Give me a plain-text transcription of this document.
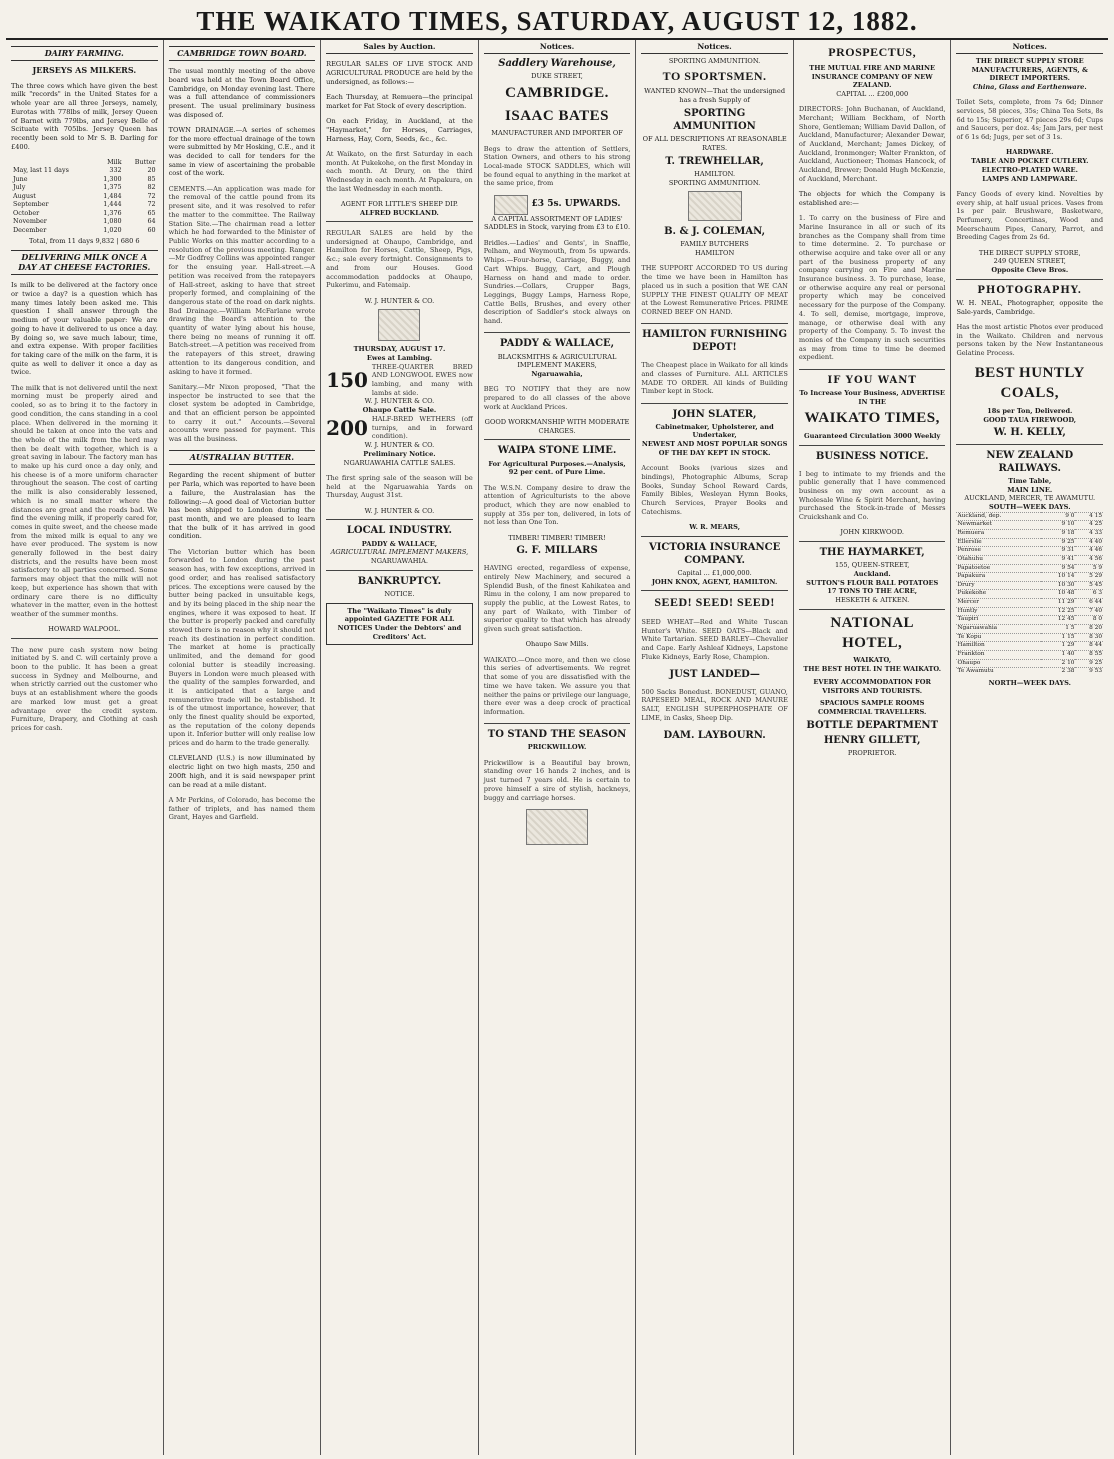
THE WAIKATO TIMES, SATURDAY, AUGUST 12, 1882.
DAIRY FARMING.
JERSEYS AS MILKERS.

The three cows which have given the best milk "records" in the United States for a whole year are all three Jerseys, namely, Eurotas with 778lbs of milk, Jersey Queen of Barnet with 779lbs, and Jersey Belle of Scituate with 705lbs. Jersey Queen has recently been sold to Mr S. B. Darling for £400.

	Milk	Butter
May, last 11 days	332	20
June	1,300	85
July	1,375	82
August	1,484	72
September	1,444	72
October	1,376	65
November	1,080	64
December	1,020	60
Total, from 11 days 9,832 | 680 6
DELIVERING MILK ONCE A DAY AT CHEESE FACTORIES.

Is milk to be delivered at the factory once or twice a day? is a question which has many times lately been asked me. This question I shall answer through the medium of your valuable paper: We are going to have it delivered to us once a day. By doing so, we save much labour, time, and extra expense. With proper facilities for taking care of the milk on the farm, it is quite as well to deliver it once a day as twice.

The milk that is not delivered until the next morning must be properly aired and cooled, so as to bring it to the factory in good condition, the cans standing in a cool place. When delivered in the morning it should be taken at once into the vats and the whole of the milk from the herd may then be dealt with together, which is a great saving in labour. The factory man has to make up his curd once a day only, and his cheese is of a more uniform character throughout the season. The cost of carting the milk is also considerably lessened, which is no small matter where the distances are great and the roads bad. We find the evening milk, if properly cared for, comes in quite sweet, and the cheese made from the mixed milk is equal to any we have ever produced. The system is now generally followed in the best dairy districts, and the results have been most satisfactory to all parties concerned. Some farmers may object that the milk will not keep, but experience has shown that with ordinary care there is no difficulty whatever in the matter, even in the hottest weather of the summer months.

HOWARD WALPOOL.

The new pure cash system now being initiated by S. and C. will certainly prove a boon to the public. It has been a great success in Sydney and Melbourne, and when strictly carried out the customer who buys at an establishment where the goods are marked low must get a great advantage over the credit system. Furniture, Drapery, and Clothing at cash prices for cash.

CAMBRIDGE TOWN BOARD.

The usual monthly meeting of the above board was held at the Town Board Office, Cambridge, on Monday evening last. There was a full attendance of commissioners present. The usual preliminary business was disposed of.

TOWN DRAINAGE.—A series of schemes for the more effectual drainage of the town were submitted by Mr Hosking, C.E., and it was decided to call for tenders for the same in view of ascertaining the probable cost of the work.

CEMENTS.—An application was made for the removal of the cattle pound from its present site, and it was resolved to refer the matter to the committee. The Railway Station Site.—The chairman read a letter which he had forwarded to the Minister of Public Works on this matter according to a resolution of the previous meeting. Ranger.—Mr Godfrey Collins was appointed ranger for the ensuing year. Hall-street.—A petition was received from the ratepayers of Hall-street, asking to have that street properly formed, and complaining of the dangerous state of the road on dark nights. Bad Drainage.—William McFarlane wrote drawing the Board's attention to the quantity of water lying about his house, there being no means of running it off. Batch-street.—A petition was received from the ratepayers of this street, drawing attention to its dangerous condition, and asking to have it formed.

Sanitary.—Mr Nixon proposed, "That the inspector be instructed to see that the closet system be adopted in Cambridge, and that an efficient person be appointed to carry it out." Accounts.—Several accounts were passed for payment. This was all the business.

AUSTRALIAN BUTTER.

Regarding the recent shipment of butter per Parla, which was reported to have been a failure, the Australasian has the following:—A good deal of Victorian butter has been shipped to London during the past month, and we are pleased to learn that the bulk of it has arrived in good condition.

The Victorian butter which has been forwarded to London during the past season has, with few exceptions, arrived in good order, and has realised satisfactory prices. The exceptions were caused by the butter being packed in unsuitable kegs, and by its being placed in the ship near the engines, where it was exposed to heat. If the butter is properly packed and carefully stowed there is no reason why it should not reach its destination in perfect condition. The market at home is practically unlimited, and the demand for good colonial butter is steadily increasing. Buyers in London were much pleased with the quality of the samples forwarded, and it is anticipated that a large and remunerative trade will be established. It is of the utmost importance, however, that only the finest quality should be exported, as the reputation of the colony depends upon it. Inferior butter will only realise low prices and do harm to the trade generally.

CLEVELAND (U.S.) is now illuminated by electric light on two high masts, 250 and 200ft high, and it is said newspaper print can be read at a mile distant.

A Mr Perkins, of Colorado, has become the father of triplets, and has named them Grant, Hayes and Garfield.

Sales by Auction.

REGULAR SALES OF LIVE STOCK AND AGRICULTURAL PRODUCE are held by the undersigned, as follows:—

Each Thursday, at Remuera—the principal market for Fat Stock of every description.

On each Friday, in Auckland, at the "Haymarket," for Horses, Carriages, Harness, Hay, Corn, Seeds, &c., &c.

At Waikato, on the first Saturday in each month. At Pukekohe, on the first Monday in each month. At Drury, on the third Wednesday in each month. At Papakura, on the last Wednesday in each month.

AGENT FOR LITTLE'S SHEEP DIP.
ALFRED BUCKLAND.

REGULAR SALES are held by the undersigned at Ohaupo, Cambridge, and Hamilton for Horses, Cattle, Sheep, Pigs, &c.; sale every fortnight. Consignments to and from our Houses. Good accommodation paddocks at Ohaupo, Pukerimu, and Fatemaip.

W. J. HUNTER & CO.
THURSDAY, AUGUST 17.
Ewes at Lambing.
150
THREE-QUARTER BRED AND LONGWOOL EWES now lambing, and many with lambs at side.
W. J. HUNTER & CO.
Ohaupo Cattle Sale.
200 HALF-BRED WETHERS (off turnips, and in forward condition).
W. J. HUNTER & CO.
Preliminary Notice.
NGARUAWAHIA CATTLE SALES.

The first spring sale of the season will be held at the Ngaruawahia Yards on Thursday, August 31st.

W. J. HUNTER & CO.
LOCAL INDUSTRY.
PADDY & WALLACE,
AGRICULTURAL IMPLEMENT MAKERS,
NGARUAWAHIA.
BANKRUPTCY.
NOTICE.
The "Waikato Times" is duly appointed GAZETTE FOR ALL NOTICES Under the Debtors' and Creditors' Act.
Notices.
Saddlery Warehouse,
DUKE STREET,
CAMBRIDGE.
ISAAC BATES
MANUFACTURER AND IMPORTER OF

Begs to draw the attention of Settlers, Station Owners, and others to his strong Local-made STOCK SADDLES, which will be found equal to anything in the market at the same price, from

£3 5s. UPWARDS.
A CAPITAL ASSORTMENT OF LADIES' SADDLES in Stock, varying from £3 to £10.

Bridles.—Ladies' and Gents', in Snaffle, Pelham, and Weymouth, from 5s upwards. Whips.—Four-horse, Carriage, Buggy, and Cart Whips. Buggy, Cart, and Plough Harness on hand and made to order. Sundries.—Collars, Crupper Bags, Leggings, Buggy Lamps, Harness Rope, Cattle Bells, Brushes, and every other description of Saddler's stock always on hand.

PADDY & WALLACE,
BLACKSMITHS & AGRICULTURAL IMPLEMENT MAKERS,
Ngaruawahia,

BEG TO NOTIFY that they are now prepared to do all classes of the above work at Auckland Prices.

GOOD WORKMANSHIP WITH MODERATE CHARGES.
WAIPA STONE LIME.
For Agricultural Purposes.—Analysis, 92 per cent. of Pure Lime.

The W.S.N. Company desire to draw the attention of Agriculturists to the above product, which they are now enabled to supply at 35s per ton, delivered, in lots of not less than One Ton.

TIMBER! TIMBER! TIMBER!
G. F. MILLARS

HAVING erected, regardless of expense, entirely New Machinery, and secured a Splendid Bush, of the finest Kahikatea and Rimu in the colony, I am now prepared to supply the public, at the Lowest Rates, to any part of Waikato, with Timber of superior quality to that which has already given such great satisfaction.

Ohaupo Saw Mills.

WAIKATO.—Once more, and then we close this series of advertisements. We regret that some of you are dissatisfied with the time we have taken. We assure you that neither the pains or privilege our language, there ever was a deep crock of practical information.

TO STAND THE SEASON
PRICKWILLOW.

Prickwillow is a Beautiful bay brown, standing over 16 hands 2 inches, and is just turned 7 years old. He is certain to prove himself a sire of stylish, hackneys, buggy and carriage horses.

Notices.
SPORTING AMMUNITION.
TO SPORTSMEN.
WANTED KNOWN—That the undersigned has a fresh Supply of
SPORTING AMMUNITION
OF ALL DESCRIPTIONS AT REASONABLE RATES.
T. TREWHELLAR,
HAMILTON.
SPORTING AMMUNITION.
B. & J. COLEMAN,
FAMILY BUTCHERS
HAMILTON

THE SUPPORT ACCORDED TO US during the time we have been in Hamilton has placed us in such a position that WE CAN SUPPLY THE FINEST QUALITY OF MEAT at the Lowest Remunerative Prices. PRIME CORNED BEEF ON HAND.

HAMILTON FURNISHING DEPOT!

The Cheapest place in Waikato for all kinds and classes of Furniture. ALL ARTICLES MADE TO ORDER. All kinds of Building Timber kept in Stock.

JOHN SLATER,
Cabinetmaker, Upholsterer, and Undertaker,
NEWEST AND MOST POPULAR SONGS OF THE DAY KEPT IN STOCK.

Account Books (various sizes and bindings), Photographic Albums, Scrap Books, Sunday School Reward Cards, Family Bibles, Wesleyan Hymn Books, Church Services, Prayer Books and Catechisms.

W. R. MEARS,
VICTORIA INSURANCE COMPANY.
Capital ... £1,000,000.
JOHN KNOX, AGENT, HAMILTON.
SEED! SEED! SEED!

SEED WHEAT—Red and White Tuscan Hunter's White. SEED OATS—Black and White Tartarian. SEED BARLEY—Chevalier and Cape. Early Ashleaf Kidneys, Lapstone Fluke Kidneys, Early Rose, Champion.

JUST LANDED—

500 Sacks Bonedust. BONEDUST, GUANO, RAPESEED MEAL, ROCK AND MANURE SALT, ENGLISH SUPERPHOSPHATE OF LIME, in Casks, Sheep Dip.

DAM. LAYBOURN.
PROSPECTUS,
THE MUTUAL FIRE AND MARINE INSURANCE COMPANY OF NEW ZEALAND.
CAPITAL ... £200,000

DIRECTORS: John Buchanan, of Auckland, Merchant; William Beckham, of North Shore, Gentleman; William David Dallon, of Auckland, Manufacturer; Alexander Dewar, of Auckland, Merchant; James Dickey, of Auckland, Ironmonger; Walter Frankton, of Auckland, Auctioneer; Thomas Hancock, of Auckland, Brewer; Donald Hugh McKenzie, of Auckland, Merchant.

The objects for which the Company is established are:—

1. To carry on the business of Fire and Marine Insurance in all or such of its branches as the Company shall from time to time determine. 2. To purchase or otherwise acquire and take over all or any part of the business property of any company carrying on Fire and Marine Insurance business. 3. To purchase, lease, or otherwise acquire any real or personal property which may be conceived necessary for the purpose of the Company. 4. To sell, demise, mortgage, improve, manage, or otherwise deal with any property of the Company. 5. To invest the monies of the Company in such securities as may from time to time be deemed expedient.

IF YOU WANT
To Increase Your Business, ADVERTISE IN THE
WAIKATO TIMES,
Guaranteed Circulation 3000 Weekly
BUSINESS NOTICE.

I beg to intimate to my friends and the public generally that I have commenced business on my own account as a Wholesale Wine & Spirit Merchant, having purchased the Stock-in-trade of Messrs Cruickshank and Co.

JOHN KIRKWOOD.
THE HAYMARKET,
155, QUEEN-STREET,
Auckland.
SUTTON'S FLOUR BALL POTATOES
17 TONS TO THE ACRE,
HESKETH & AITKEN.
NATIONAL HOTEL,
WAIKATO,
THE BEST HOTEL IN THE WAIKATO.
EVERY ACCOMMODATION FOR VISITORS AND TOURISTS.
SPACIOUS SAMPLE ROOMS
COMMERCIAL TRAVELLERS.
BOTTLE DEPARTMENT
HENRY GILLETT,
PROPRIETOR.
Notices.
THE DIRECT SUPPLY STORE
MANUFACTURERS, AGENTS, & DIRECT IMPORTERS.
China, Glass and Earthenware.

Toilet Sets, complete, from 7s 6d; Dinner services, 58 pieces, 35s; China Tea Sets, 8s 6d to 15s; Superior, 47 pieces 29s 6d; Cups and Saucers, per doz. 4s; Jam Jars, per nest of 6 1s 6d; Jugs, per set of 3 1s.

HARDWARE.
TABLE AND POCKET CUTLERY.
ELECTRO-PLATED WARE.
LAMPS AND LAMPWARE.

Fancy Goods of every kind. Novelties by every ship, at half usual prices. Vases from 1s per pair. Brushware, Basketware, Perfumery, Concertinas, Wood and Meerschaum Pipes, Canary, Parrot, and Breeding Cages from 2s 6d.

THE DIRECT SUPPLY STORE,
249 QUEEN STREET,
Opposite Cleve Bros.
PHOTOGRAPHY.
W. H. NEAL, Photographer, opposite the Sale-yards, Cambridge.

Has the most artistic Photos ever produced in the Waikato. Children and nervous persons taken by the New Instantaneous Gelatine Process.

BEST HUNTLY COALS,
18s per Ton, Delivered.
GOOD TAUA FIREWOOD,
W. H. KELLY,
NEW ZEALAND RAILWAYS.
Time Table,
MAIN LINE.
AUCKLAND, MERCER, TE AWAMUTU.
SOUTH—WEEK DAYS.
Auckland, dep.	9 0	4 15
Newmarket	9 10	4 25
Remuera	9 18	4 33
Ellerslie	9 25	4 40
Penrose	9 31	4 46
Otahuhu	9 41	4 56
Papatoetoe	9 54	5 9
Papakura	10 14	5 29
Drury	10 30	5 45
Pukekohe	10 48	6 3
Mercer	11 29	6 44
Huntly	12 25	7 40
Taupiri	12 45	8 0
Ngaruawahia	1 5	8 20
Te Kopu	1 15	8 30
Hamilton	1 29	8 44
Frankton	1 40	8 55
Ohaupo	2 10	9 25
Te Awamutu	2 38	9 53
NORTH—WEEK DAYS.
